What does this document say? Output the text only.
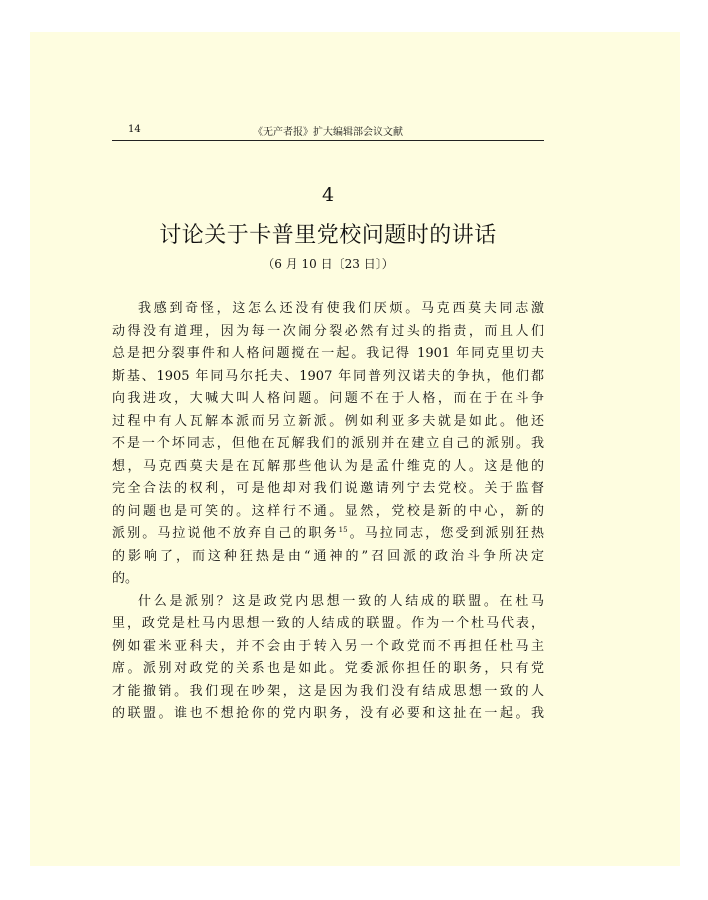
14	《无产者报》扩大编辑部会议文献
4
讨论关于卡普里党校问题时的讲话
（6 月 10 日〔23 日〕）
我感到奇怪，这怎么还没有使我们厌烦。马克西莫夫同志激
动得没有道理，因为每一次闹分裂必然有过头的指责，而且人们
总是把分裂事件和人格问题搅在一起。我记得 1901 年同克里切夫
斯基、1905 年同马尔托夫、1907 年同普列汉诺夫的争执，他们都
向我进攻，大喊大叫人格问题。问题不在于人格，而在于在斗争
过程中有人瓦解本派而另立新派。例如利亚多夫就是如此。他还
不是一个坏同志，但他在瓦解我们的派别并在建立自己的派别。我
想，马克西莫夫是在瓦解那些他认为是孟什维克的人。这是他的
完全合法的权利，可是他却对我们说邀请列宁去党校。关于监督
的问题也是可笑的。这样行不通。显然，党校是新的中心，新的
派别。马拉说他不放弃自己的职务$^{15}$。马拉同志，您受到派别狂热
的影响了，而这种狂热是由“通神的”召回派的政治斗争所决定
的。
什么是派别？这是政党内思想一致的人结成的联盟。在杜马
里，政党是杜马内思想一致的人结成的联盟。作为一个杜马代表，
例如霍米亚科夫，并不会由于转入另一个政党而不再担任杜马主
席。派别对政党的关系也是如此。党委派你担任的职务，只有党
才能撤销。我们现在吵架，这是因为我们没有结成思想一致的人
的联盟。谁也不想抢你的党内职务，没有必要和这扯在一起。我
